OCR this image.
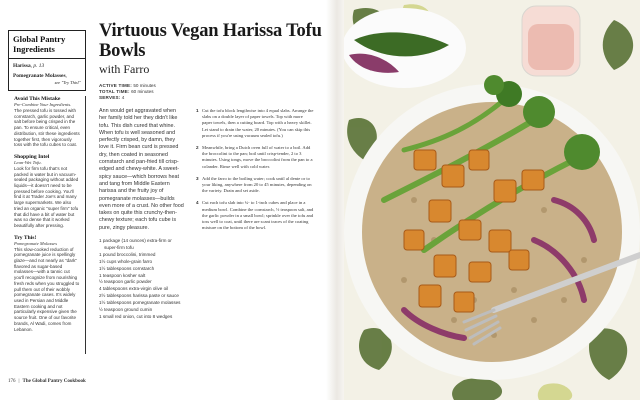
Global Pantry Ingredients
Harissa, p. 13
Pomegranate Molasses,
see "Try This!"
Avoid This Mistake
Pre-Combine Your Ingredients.
The pressed tofu is tossed with cornstarch, garlic powder, and salt before being crisped in the pan. To ensure critical, even distribution, stir these ingredients together first, then vigorously toss with the tofu cubes to coat.
Shopping Intel
Lean-Wet Tofu.
Look for firm tofu that's not packed in water but in vacuum-sealed packaging without added liquids—it doesn't need to be pressed before cooking. You'll find it at Trader Joe's and many large supermarkets. We also tried an organic "super firm" tofu that did have a bit of water but was so dense that it worked beautifully after pressing.
Try This!
Pomegranate Molasses
This slow-cooked reduction of pomegranate juice is spellingly glaze—and not nearly as "dark" flavored as sugar-based molasses—with a tannic cut you'll recognize from nourishing fresh reds when you struggled to pull them out of their wobbly pomegranate cases. It's widely used in Persian and Middle Eastern cooking and not particularly expensive given the source fruit. One of our favorite brands, Al Wadi, comes from Lebanon.
Virtuous Vegan Harissa Tofu Bowls
with Farro
ACTIVE TIME: 50 minutes
TOTAL TIME: 60 minutes
SERVES: 4

Ann would get aggravated when her family told her they didn't like tofu. This dish cured that whine. When tofu is well seasoned and perfectly crisped, by damn, they love it. Firm bean curd is pressed dry, then coated in seasoned cornstarch and pan-fried till crisp-edged and chewy-white. A sweet-spicy sauce—which borrows heat and tang from Middle Eastern harissa and the fruity joy of pomegranate molasses—builds even more of a crust. No other food takes on quite this crunchy-then-chewy texture; each tofu cube is pure, zingy pleasure.

1 package (14 ounces) extra-firm or
super-firm tofu
1 pound broccolini, trimmed
1½ cups whole-grain farro
1½ tablespoons cornstarch
1 teaspoon kosher salt
½ teaspoon garlic powder
4 tablespoons extra-virgin olive oil
2½ tablespoons harissa paste or sauce
1½ tablespoons pomegranate molasses
½ teaspoon ground cumin
1 small red onion, cut into 8 wedges
1 Cut the tofu block lengthwise into 4 equal slabs. Arrange the slabs on a double layer of paper towels. Top with more paper towels, then a cutting board. Top with a heavy skillet. Let stand to drain the water, 20 minutes. (You can skip this process if you're using vacuum sealed tofu.)
2 Meanwhile, bring a Dutch oven full of water to a boil. Add the broccolini to the pan; boil until crisp-tender, 2 to 3 minutes. Using tongs, move the broccolini from the pan to a colander. Rinse well with cold water.
3 Add the farro to the boiling water; cook until al dente or to your liking, anywhere from 20 to 45 minutes, depending on the variety. Drain and set aside.
4 Cut each tofu slab into ¾- to 1-inch cubes and place in a medium bowl. Combine the cornstarch, ½ teaspoon salt, and the garlic powder in a small bowl; sprinkle over the tofu and toss well to coat, until there are scant traces of the coating mixture on the bottom of the bowl.
176 | The Global Pantry Cookbook
